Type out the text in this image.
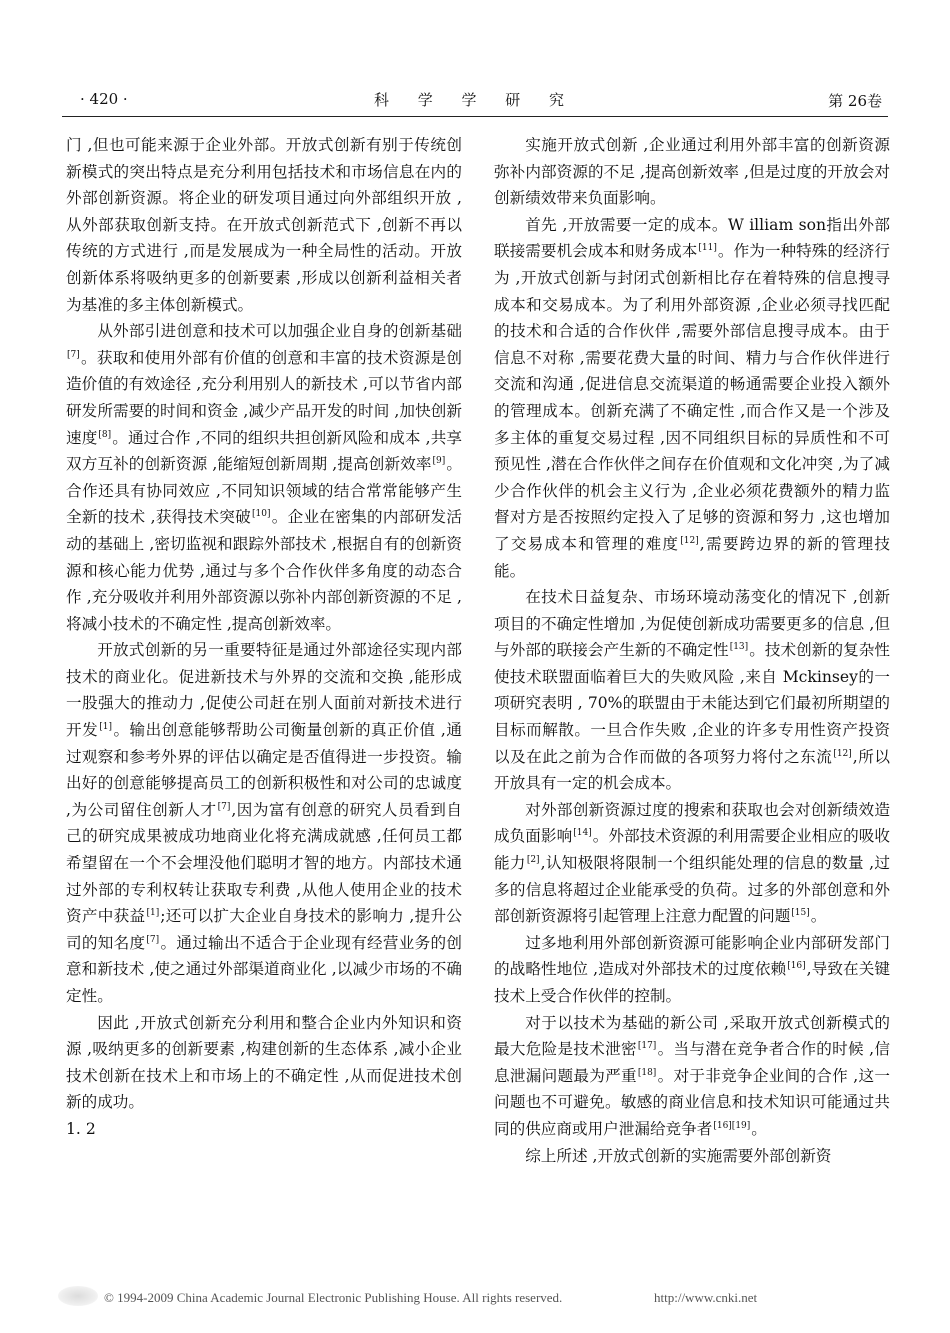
· 420 ·	科 学 学 研 究	第 26卷

门 ,但也可能来源于企业外部。开放式创新有别于传统创新模式的突出特点是充分利用包括技术和市场信息在内的外部创新资源。将企业的研发项目通过向外部组织开放 ,从外部获取创新支持。在开放式创新范式下 ,创新不再以传统的方式进行 ,而是发展成为一种全局性的活动。开放创新体系将吸纳更多的创新要素 ,形成以创新利益相关者为基准的多主体创新模式。

从外部引进创意和技术可以加强企业自身的创新基础[7]。获取和使用外部有价值的创意和丰富的技术资源是创造价值的有效途径 ,充分利用别人的新技术 ,可以节省内部研发所需要的时间和资金 ,减少产品开发的时间 ,加快创新速度[8]。通过合作 ,不同的组织共担创新风险和成本 ,共享双方互补的创新资源 ,能缩短创新周期 ,提高创新效率[9]。合作还具有协同效应 ,不同知识领域的结合常常能够产生全新的技术 ,获得技术突破[10]。企业在密集的内部研发活动的基础上 ,密切监视和跟踪外部技术 ,根据自有的创新资源和核心能力优势 ,通过与多个合作伙伴多角度的动态合作 ,充分吸收并利用外部资源以弥补内部创新资源的不足 ,将减小技术的不确定性 ,提高创新效率。

开放式创新的另一重要特征是通过外部途径实现内部技术的商业化。促进新技术与外界的交流和交换 ,能形成一股强大的推动力 ,促使公司赶在别人面前对新技术进行开发[1]。输出创意能够帮助公司衡量创新的真正价值 ,通过观察和参考外界的评估以确定是否值得进一步投资。输出好的创意能够提高员工的创新积极性和对公司的忠诚度 ,为公司留住创新人才[7],因为富有创意的研究人员看到自己的研究成果被成功地商业化将充满成就感 ,任何员工都希望留在一个不会埋没他们聪明才智的地方。内部技术通过外部的专利权转让获取专利费 ,从他人使用企业的技术资产中获益[1];还可以扩大企业自身技术的影响力 ,提升公司的知名度[7]。通过输出不适合于企业现有经营业务的创意和新技术 ,使之通过外部渠道商业化 ,以减少市场的不确定性。

因此 ,开放式创新充分利用和整合企业内外知识和资源 ,吸纳更多的创新要素 ,构建创新的生态体系 ,减小企业技术创新在技术上和市场上的不确定性 ,从而促进技术创新的成功。

1. 2

实施开放式创新 ,企业通过利用外部丰富的创新资源弥补内部资源的不足 ,提高创新效率 ,但是过度的开放会对创新绩效带来负面影响。

首先 ,开放需要一定的成本。W illiam son指出外部联接需要机会成本和财务成本[11]。作为一种特殊的经济行为 ,开放式创新与封闭式创新相比存在着特殊的信息搜寻成本和交易成本。为了利用外部资源 ,企业必须寻找匹配的技术和合适的合作伙伴 ,需要外部信息搜寻成本。由于信息不对称 ,需要花费大量的时间、精力与合作伙伴进行交流和沟通 ,促进信息交流渠道的畅通需要企业投入额外的管理成本。创新充满了不确定性 ,而合作又是一个涉及多主体的重复交易过程 ,因不同组织目标的异质性和不可预见性 ,潜在合作伙伴之间存在价值观和文化冲突 ,为了减少合作伙伴的机会主义行为 ,企业必须花费额外的精力监督对方是否按照约定投入了足够的资源和努力 ,这也增加了交易成本和管理的难度[12],需要跨边界的新的管理技能。

在技术日益复杂、市场环境动荡变化的情况下 ,创新项目的不确定性增加 ,为促使创新成功需要更多的信息 ,但与外部的联接会产生新的不确定性[13]。技术创新的复杂性使技术联盟面临着巨大的失败风险 ,来自 Mckinsey的一项研究表明 , 70%的联盟由于未能达到它们最初所期望的目标而解散。一旦合作失败 ,企业的许多专用性资产投资以及在此之前为合作而做的各项努力将付之东流[12],所以开放具有一定的机会成本。

对外部创新资源过度的搜索和获取也会对创新绩效造成负面影响[14]。外部技术资源的利用需要企业相应的吸收能力[2],认知极限将限制一个组织能处理的信息的数量 ,过多的信息将超过企业能承受的负荷。过多的外部创意和外部创新资源将引起管理上注意力配置的问题[15]。

过多地利用外部创新资源可能影响企业内部研发部门的战略性地位 ,造成对外部技术的过度依赖[16],导致在关键技术上受合作伙伴的控制。

对于以技术为基础的新公司 ,采取开放式创新模式的最大危险是技术泄密[17]。当与潜在竞争者合作的时候 ,信息泄漏问题最为严重[18]。对于非竞争企业间的合作 ,这一问题也不可避免。敏感的商业信息和技术知识可能通过共同的供应商或用户泄漏给竞争者[16][19]。

综上所述 ,开放式创新的实施需要外部创新资

© 1994-2009 China Academic Journal Electronic Publishing House. All rights reserved.	http://www.cnki.net
